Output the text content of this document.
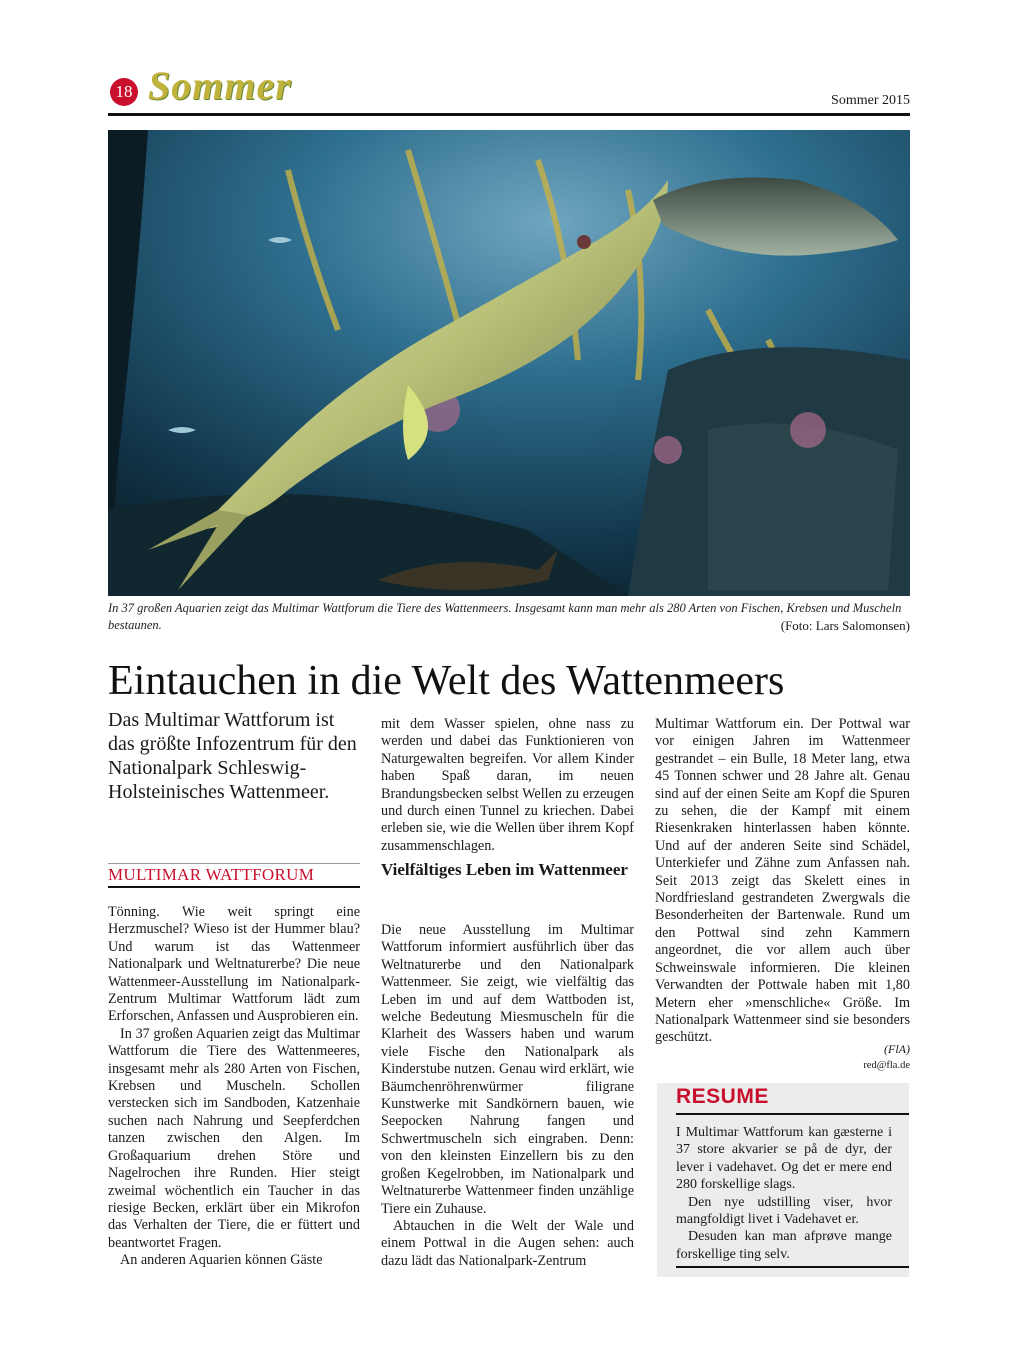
18 Sommer	Sommer 2015
In 37 großen Aquarien zeigt das Multimar Wattforum die Tiere des Wattenmeers. Insgesamt kann man mehr als 280 Arten von Fischen, Krebsen und Muscheln bestaunen.	(Foto: Lars Salomonsen)
Eintauchen in die Welt des Wattenmeers
Das Multimar Wattforum ist das größte Infozentrum für den Nationalpark Schleswig-Holsteinisches Wattenmeer.
MULTIMAR WATTFORUM

Tönning. Wie weit springt eine Herzmuschel? Wieso ist der Hummer blau? Und warum ist das Wattenmeer Nationalpark und Weltnaturerbe? Die neue Wattenmeer-Ausstellung im Nationalpark-Zentrum Multimar Wattforum lädt zum Erforschen, Anfassen und Ausprobieren ein.

In 37 großen Aquarien zeigt das Multimar Wattforum die Tiere des Wattenmeeres, insgesamt mehr als 280 Arten von Fischen, Krebsen und Muscheln. Schollen verstecken sich im Sandboden, Katzenhaie suchen nach Nahrung und Seepferdchen tanzen zwischen den Algen. Im Großaquarium drehen Störe und Nagelrochen ihre Runden. Hier steigt zweimal wöchentlich ein Taucher in das riesige Becken, erklärt über ein Mikrofon das Verhalten der Tiere, die er füttert und beantwortet Fragen.

An anderen Aquarien können Gäste

mit dem Wasser spielen, ohne nass zu werden und dabei das Funktionieren von Naturgewalten begreifen. Vor allem Kinder haben Spaß daran, im neuen Brandungsbecken selbst Wellen zu erzeugen und durch einen Tunnel zu kriechen. Dabei erleben sie, wie die Wellen über ihrem Kopf zusammenschlagen.

Vielfältiges Leben im Wattenmeer

Die neue Ausstellung im Multimar Wattforum informiert ausführlich über das Weltnaturerbe und den Nationalpark Wattenmeer. Sie zeigt, wie vielfältig das Leben im und auf dem Wattboden ist, welche Bedeutung Miesmuscheln für die Klarheit des Wassers haben und warum viele Fische den Nationalpark als Kinderstube nutzen. Genau wird erklärt, wie Bäumchenröhrenwürmer filigrane Kunstwerke mit Sandkörnern bauen, wie Seepocken Nahrung fangen und Schwertmuscheln sich eingraben. Denn: von den kleinsten Einzellern bis zu den großen Kegelrobben, im Nationalpark und Weltnaturerbe Wattenmeer finden unzählige Tiere ein Zuhause.

Abtauchen in die Welt der Wale und einem Pottwal in die Augen sehen: auch dazu lädt das Nationalpark-Zentrum

Multimar Wattforum ein. Der Pottwal war vor einigen Jahren im Wattenmeer gestrandet – ein Bulle, 18 Meter lang, etwa 45 Tonnen schwer und 28 Jahre alt. Genau sind auf der einen Seite am Kopf die Spuren zu sehen, die der Kampf mit einem Riesenkraken hinterlassen haben könnte. Und auf der anderen Seite sind Schädel, Unterkiefer und Zähne zum Anfassen nah. Seit 2013 zeigt das Skelett eines in Nordfriesland gestrandeten Zwergwals die Besonderheiten der Bartenwale. Rund um den Pottwal sind zehn Kammern angeordnet, die vor allem auch über Schweinswale informieren. Die kleinen Verwandten der Pottwale haben mit 1,80 Metern eher »menschliche« Größe. Im Nationalpark Wattenmeer sind sie besonders geschützt.

(FlA)
red@fla.de
RESUME

I Multimar Wattforum kan gæsterne i 37 store akvarier se på de dyr, der lever i vadehavet. Og det er mere end 280 forskellige slags.

Den nye udstilling viser, hvor mangfoldigt livet i Vadehavet er.

Desuden kan man afprøve mange forskellige ting selv.
